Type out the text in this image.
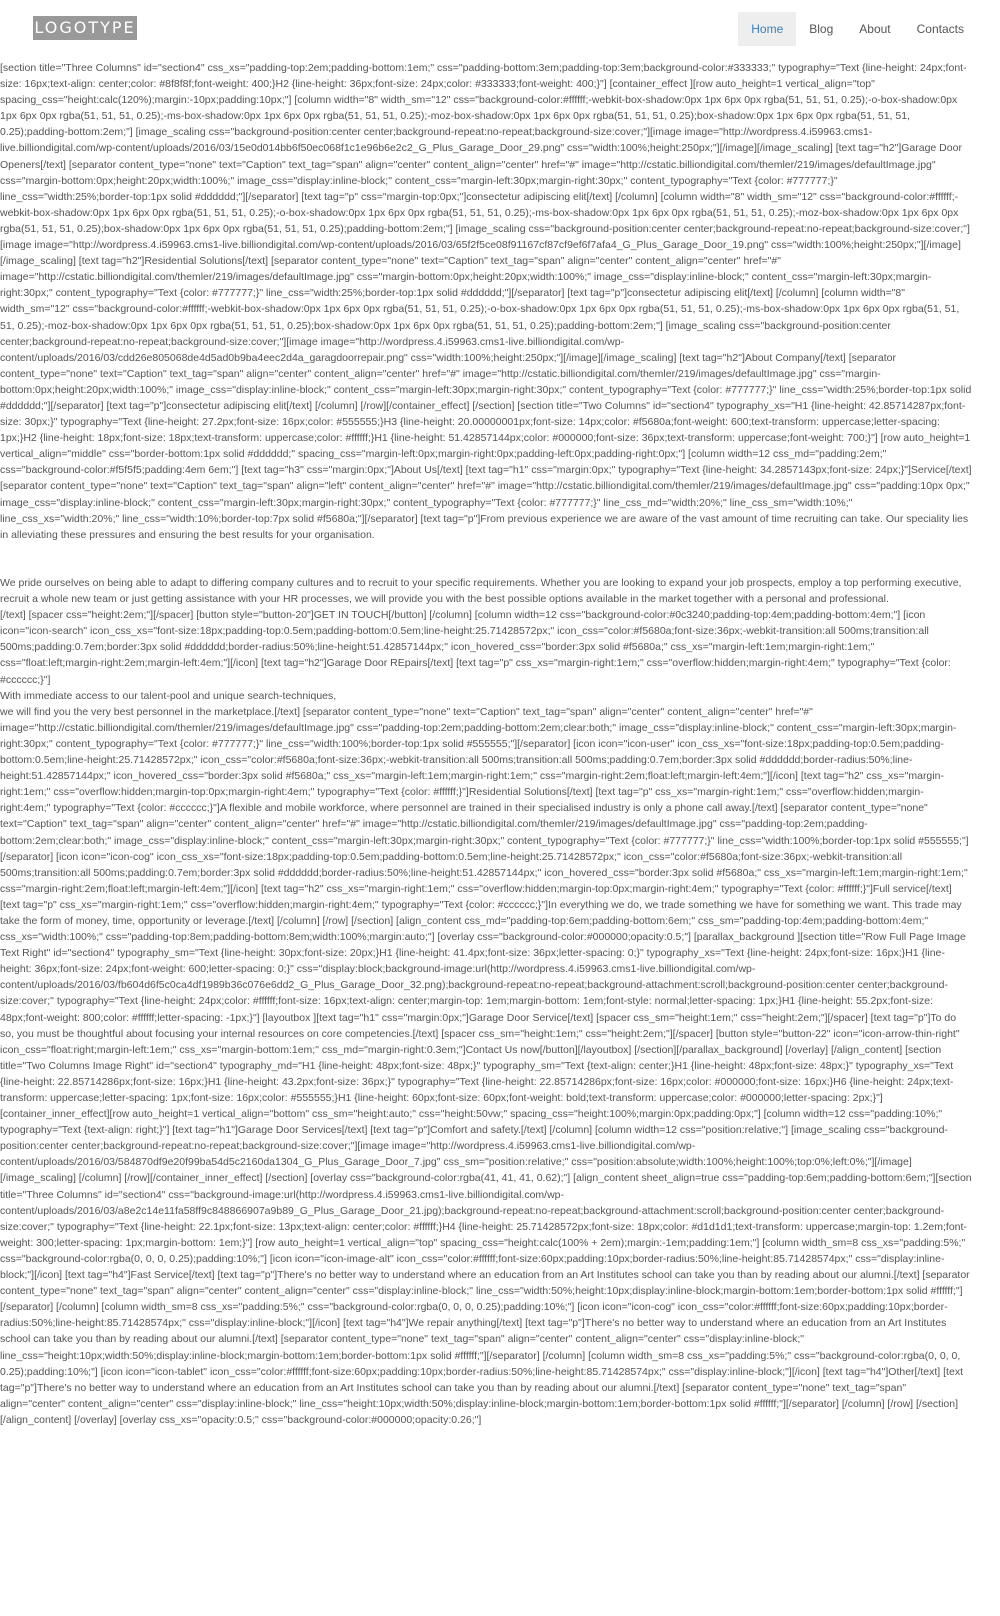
LOGOTYPE	Home	Blog	About	Contacts
[section title="Three Columns" id="section4" css_xs="padding-top:2em;padding-bottom:1em;" css="padding-bottom:3em;padding-top:3em;background-color:#333333;" typography="Text {line-height: 24px;font-size: 16px;text-align: center;color: #8f8f8f;font-weight: 400;}H2 {line-height: 36px;font-size: 24px;color: #333333;font-weight: 400;}"] [container_effect ][row auto_height=1 vertical_align="top" spacing_css="height:calc(120%);margin:-10px;padding:10px;"] [column width="8" width_sm="12" css="background-color:#ffffff;-webkit-box-shadow:0px 1px 6px 0px rgba(51, 51, 51, 0.25);-o-box-shadow:0px 1px 6px 0px rgba(51, 51, 51, 0.25);-ms-box-shadow:0px 1px 6px 0px rgba(51, 51, 51, 0.25);-moz-box-shadow:0px 1px 6px 0px rgba(51, 51, 51, 0.25);box-shadow:0px 1px 6px 0px rgba(51, 51, 51, 0.25);padding-bottom:2em;"] [image_scaling css="background-position:center center;background-repeat:no-repeat;background-size:cover;"][image image="http://wordpress.4.i59963.cms1-live.billiondigital.com/wp-content/uploads/2016/03/15e0d014bb6f50ec068f1c1e96b6e2c2_G_Plus_Garage_Door_29.png" css="width:100%;height:250px;"][/image][/image_scaling] [text tag="h2"]Garage Door Openers[/text] [separator content_type="none" text="Caption" text_tag="span" align="center" content_align="center" href="#" image="http://cstatic.billiondigital.com/themler/219/images/defaultImage.jpg" css="margin-bottom:0px;height:20px;width:100%;" image_css="display:inline-block;" content_css="margin-left:30px;margin-right:30px;" content_typography="Text {color: #777777;}" line_css="width:25%;border-top:1px solid #dddddd;"][/separator] [text tag="p" css="margin-top:0px;"]consectetur adipiscing elit[/text] [/column] [column width="8" width_sm="12" css="background-color:#ffffff;-webkit-box-shadow:0px 1px 6px 0px rgba(51, 51, 51, 0.25);-o-box-shadow:0px 1px 6px 0px rgba(51, 51, 51, 0.25);-ms-box-shadow:0px 1px 6px 0px rgba(51, 51, 51, 0.25);-moz-box-shadow:0px 1px 6px 0px rgba(51, 51, 51, 0.25);box-shadow:0px 1px 6px 0px rgba(51, 51, 51, 0.25);padding-bottom:2em;"] [image_scaling css="background-position:center center;background-repeat:no-repeat;background-size:cover;"][image image="http://wordpress.4.i59963.cms1-live.billiondigital.com/wp-content/uploads/2016/03/65f2f5ce08f91167cf87cf9ef6f7afa4_G_Plus_Garage_Door_19.png" css="width:100%;height:250px;"][/image][/image_scaling] [text tag="h2"]Residential Solutions[/text] [separator content_type="none" text="Caption" text_tag="span" align="center" content_align="center" href="#" image="http://cstatic.billiondigital.com/themler/219/images/defaultImage.jpg" css="margin-bottom:0px;height:20px;width:100%;" image_css="display:inline-block;" content_css="margin-left:30px;margin-right:30px;" content_typography="Text {color: #777777;}" line_css="width:25%;border-top:1px solid #dddddd;"][/separator] [text tag="p"]consectetur adipiscing elit[/text] [/column] [column width="8" width_sm="12" css="background-color:#ffffff;-webkit-box-shadow:0px 1px 6px 0px rgba(51, 51, 51, 0.25);-o-box-shadow:0px 1px 6px 0px rgba(51, 51, 51, 0.25);-ms-box-shadow:0px 1px 6px 0px rgba(51, 51, 51, 0.25);-moz-box-shadow:0px 1px 6px 0px rgba(51, 51, 51, 0.25);box-shadow:0px 1px 6px 0px rgba(51, 51, 51, 0.25);padding-bottom:2em;"] [image_scaling css="background-position:center center;background-repeat:no-repeat;background-size:cover;"][image image="http://wordpress.4.i59963.cms1-live.billiondigital.com/wp-content/uploads/2016/03/cdd26e805068de4d5ad0b9ba4eec2d4a_garagdoorrepair.png" css="width:100%;height:250px;"][/image][/image_scaling] [text tag="h2"]About Company[/text] [separator content_type="none" text="Caption" text_tag="span" align="center" content_align="center" href="#" image="http://cstatic.billiondigital.com/themler/219/images/defaultImage.jpg" css="margin-bottom:0px;height:20px;width:100%;" image_css="display:inline-block;" content_css="margin-left:30px;margin-right:30px;" content_typography="Text {color: #777777;}" line_css="width:25%;border-top:1px solid #dddddd;"][/separator] [text tag="p"]consectetur adipiscing elit[/text] [/column] [/row][/container_effect] [/section] [section title="Two Columns" id="section4" typography_xs="H1 {line-height: 42.85714287px;font-size: 30px;}" typography="Text {line-height: 27.2px;font-size: 16px;color: #555555;}H3 {line-height: 20.00000001px;font-size: 14px;color: #f5680a;font-weight: 600;text-transform: uppercase;letter-spacing: 1px;}H2 {line-height: 18px;font-size: 18px;text-transform: uppercase;color: #ffffff;}H1 {line-height: 51.42857144px;color: #000000;font-size: 36px;text-transform: uppercase;font-weight: 700;}"] [row auto_height=1 vertical_align="middle" css="border-bottom:1px solid #dddddd;" spacing_css="margin-left:0px;margin-right:0px;padding-left:0px;padding-right:0px;"] [column width=12 css_md="padding:2em;" css="background-color:#f5f5f5;padding:4em 6em;"] [text tag="h3" css="margin:0px;"]About Us[/text] [text tag="h1" css="margin:0px;" typography="Text {line-height: 34.2857143px;font-size: 24px;}"]Service[/text] [separator content_type="none" text="Caption" text_tag="span" align="left" content_align="center" href="#" image="http://cstatic.billiondigital.com/themler/219/images/defaultImage.jpg" css="padding:10px 0px;" image_css="display:inline-block;" content_css="margin-left:30px;margin-right:30px;" content_typography="Text {color: #777777;}" line_css_md="width:20%;" line_css_sm="width:10%;" line_css_xs="width:20%;" line_css="width:10%;border-top:7px solid #f5680a;"][/separator] [text tag="p"]From previous experience we are aware of the vast amount of time recruiting can take. Our speciality lies in alleviating these pressures and ensuring the best results for your organisation.

We pride ourselves on being able to adapt to differing company cultures and to recruit to your specific requirements. Whether you are looking to expand your job prospects, employ a top performing executive, recruit a whole new team or just getting assistance with your HR processes, we will provide you with the best possible options available in the market together with a personal and professional.
[/text] [spacer css="height:2em;"][/spacer] [button style="button-20"]GET IN TOUCH[/button] [/column] [column width=12 css="background-color:#0c3240;padding-top:4em;padding-bottom:4em;"] [icon icon="icon-search" icon_css_xs="font-size:18px;padding-top:0.5em;padding-bottom:0.5em;line-height:25.71428572px;" icon_css="color:#f5680a;font-size:36px;-webkit-transition:all 500ms;transition:all 500ms;padding:0.7em;border:3px solid #dddddd;border-radius:50%;line-height:51.42857144px;" icon_hovered_css="border:3px solid #f5680a;" css_xs="margin-left:1em;margin-right:1em;" css="float:left;margin-right:2em;margin-left:4em;"][/icon] [text tag="h2"]Garage Door REpairs[/text] [text tag="p" css_xs="margin-right:1em;" css="overflow:hidden;margin-right:4em;" typography="Text {color: #cccccc;}"]
With immediate access to our talent-pool and unique search-techniques,
we will find you the very best personnel in the marketplace.[/text] [separator content_type="none" text="Caption" text_tag="span" align="center" content_align="center" href="#" image="http://cstatic.billiondigital.com/themler/219/images/defaultImage.jpg" css="padding-top:2em;padding-bottom:2em;clear:both;" image_css="display:inline-block;" content_css="margin-left:30px;margin-right:30px;" content_typography="Text {color: #777777;}" line_css="width:100%;border-top:1px solid #555555;"][/separator] [icon icon="icon-user" icon_css_xs="font-size:18px;padding-top:0.5em;padding-bottom:0.5em;line-height:25.71428572px;" icon_css="color:#f5680a;font-size:36px;-webkit-transition:all 500ms;transition:all 500ms;padding:0.7em;border:3px solid #dddddd;border-radius:50%;line-height:51.42857144px;" icon_hovered_css="border:3px solid #f5680a;" css_xs="margin-left:1em;margin-right:1em;" css="margin-right:2em;float:left;margin-left:4em;"][/icon] [text tag="h2" css_xs="margin-right:1em;" css="overflow:hidden;margin-top:0px;margin-right:4em;" typography="Text {color: #ffffff;}"]Residential Solutions[/text] [text tag="p" css_xs="margin-right:1em;" css="overflow:hidden;margin-right:4em;" typography="Text {color: #cccccc;}"]A flexible and mobile workforce, where personnel are trained in their specialised industry is only a phone call away.[/text] [separator content_type="none" text="Caption" text_tag="span" align="center" content_align="center" href="#" image="http://cstatic.billiondigital.com/themler/219/images/defaultImage.jpg" css="padding-top:2em;padding-bottom:2em;clear:both;" image_css="display:inline-block;" content_css="margin-left:30px;margin-right:30px;" content_typography="Text {color: #777777;}" line_css="width:100%;border-top:1px solid #555555;"][/separator] [icon icon="icon-cog" icon_css_xs="font-size:18px;padding-top:0.5em;padding-bottom:0.5em;line-height:25.71428572px;" icon_css="color:#f5680a;font-size:36px;-webkit-transition:all 500ms;transition:all 500ms;padding:0.7em;border:3px solid #dddddd;border-radius:50%;line-height:51.42857144px;" icon_hovered_css="border:3px solid #f5680a;" css_xs="margin-left:1em;margin-right:1em;" css="margin-right:2em;float:left;margin-left:4em;"][/icon] [text tag="h2" css_xs="margin-right:1em;" css="overflow:hidden;margin-top:0px;margin-right:4em;" typography="Text {color: #ffffff;}"]Full service[/text] [text tag="p" css_xs="margin-right:1em;" css="overflow:hidden;margin-right:4em;" typography="Text {color: #cccccc;}"]In everything we do, we trade something we have for something we want. This trade may take the form of money, time, opportunity or leverage.[/text] [/column] [/row] [/section] [align_content css_md="padding-top:6em;padding-bottom:6em;" css_sm="padding-top:4em;padding-bottom:4em;" css_xs="width:100%;" css="padding-top:8em;padding-bottom:8em;width:100%;margin:auto;"] [overlay css="background-color:#000000;opacity:0.5;"] [parallax_background ][section title="Row Full Page Image Text Right" id="section4" typography_sm="Text {line-height: 30px;font-size: 20px;}H1 {line-height: 41.4px;font-size: 36px;letter-spacing: 0;}" typography_xs="Text {line-height: 24px;font-size: 16px;}H1 {line-height: 36px;font-size: 24px;font-weight: 600;letter-spacing: 0;}" css="display:block;background-image:url(http://wordpress.4.i59963.cms1-live.billiondigital.com/wp-content/uploads/2016/03/fb604d6f5c0ca4df1989b36c076e6dd2_G_Plus_Garage_Door_32.png);background-repeat:no-repeat;background-attachment:scroll;background-position:center center;background-size:cover;" typography="Text {line-height: 24px;color: #ffffff;font-size: 16px;text-align: center;margin-top: 1em;margin-bottom: 1em;font-style: normal;letter-spacing: 1px;}H1 {line-height: 55.2px;font-size: 48px;font-weight: 800;color: #ffffff;letter-spacing: -1px;}"] [layoutbox ][text tag="h1" css="margin:0px;"]Garage Door Service[/text] [spacer css_sm="height:1em;" css="height:2em;"][/spacer] [text tag="p"]To do so, you must be thoughtful about focusing your internal resources on core competencies.[/text] [spacer css_sm="height:1em;" css="height:2em;"][/spacer] [button style="button-22" icon="icon-arrow-thin-right" icon_css="float:right;margin-left:1em;" css_xs="margin-bottom:1em;" css_md="margin-right:0.3em;"]Contact Us now[/button][/layoutbox] [/section][/parallax_background] [/overlay] [/align_content] [section title="Two Columns Image Right" id="section4" typography_md="H1 {line-height: 48px;font-size: 48px;}" typography_sm="Text {text-align: center;}H1 {line-height: 48px;font-size: 48px;}" typography_xs="Text {line-height: 22.85714286px;font-size: 16px;}H1 {line-height: 43.2px;font-size: 36px;}" typography="Text {line-height: 22.85714286px;font-size: 16px;color: #000000;font-size: 16px;}H6 {line-height: 24px;text-transform: uppercase;letter-spacing: 1px;font-size: 16px;color: #555555;}H1 {line-height: 60px;font-size: 60px;font-weight: bold;text-transform: uppercase;color: #000000;letter-spacing: 2px;}"] [container_inner_effect][row auto_height=1 vertical_align="bottom" css_sm="height:auto;" css="height:50vw;" spacing_css="height:100%;margin:0px;padding:0px;"] [column width=12 css="padding:10%;" typography="Text {text-align: right;}"] [text tag="h1"]Garage Door Services[/text] [text tag="p"]Comfort and safety.[/text] [/column] [column width=12 css="position:relative;"] [image_scaling css="background-position:center center;background-repeat:no-repeat;background-size:cover;"][image image="http://wordpress.4.i59963.cms1-live.billiondigital.com/wp-content/uploads/2016/03/584870df9e20f99ba54d5c2160da1304_G_Plus_Garage_Door_7.jpg" css_sm="position:relative;" css="position:absolute;width:100%;height:100%;top:0%;left:0%;"][/image][/image_scaling] [/column] [/row][/container_inner_effect] [/section] [overlay css="background-color:rgba(41, 41, 41, 0.62);"] [align_content sheet_align=true css="padding-top:6em;padding-bottom:6em;"][section title="Three Columns" id="section4" css="background-image:url(http://wordpress.4.i59963.cms1-live.billiondigital.com/wp-content/uploads/2016/03/a8e2c14e11fa58ff9c848866907a9b89_G_Plus_Garage_Door_21.jpg);background-repeat:no-repeat;background-attachment:scroll;background-position:center center;background-size:cover;" typography="Text {line-height: 22.1px;font-size: 13px;text-align: center;color: #ffffff;}H4 {line-height: 25.71428572px;font-size: 18px;color: #d1d1d1;text-transform: uppercase;margin-top: 1.2em;font-weight: 300;letter-spacing: 1px;margin-bottom: 1em;}"] [row auto_height=1 vertical_align="top" spacing_css="height:calc(100% + 2em);margin:-1em;padding:1em;"] [column width_sm=8 css_xs="padding:5%;" css="background-color:rgba(0, 0, 0, 0.25);padding:10%;"] [icon icon="icon-image-alt" icon_css="color:#ffffff;font-size:60px;padding:10px;border-radius:50%;line-height:85.71428574px;" css="display:inline-block;"][/icon] [text tag="h4"]Fast Service[/text] [text tag="p"]There's no better way to understand where an education from an Art Institutes school can take you than by reading about our alumni.[/text] [separator content_type="none" text_tag="span" align="center" content_align="center" css="display:inline-block;" line_css="width:50%;height:10px;display:inline-block;margin-bottom:1em;border-bottom:1px solid #ffffff;"][/separator] [/column] [column width_sm=8 css_xs="padding:5%;" css="background-color:rgba(0, 0, 0, 0.25);padding:10%;"] [icon icon="icon-cog" icon_css="color:#ffffff;font-size:60px;padding:10px;border-radius:50%;line-height:85.71428574px;" css="display:inline-block;"][/icon] [text tag="h4"]We repair anything[/text] [text tag="p"]There's no better way to understand where an education from an Art Institutes school can take you than by reading about our alumni.[/text] [separator content_type="none" text_tag="span" align="center" content_align="center" css="display:inline-block;" line_css="height:10px;width:50%;display:inline-block;margin-bottom:1em;border-bottom:1px solid #ffffff;"][/separator] [/column] [column width_sm=8 css_xs="padding:5%;" css="background-color:rgba(0, 0, 0, 0.25);padding:10%;"] [icon icon="icon-tablet" icon_css="color:#ffffff;font-size:60px;padding:10px;border-radius:50%;line-height:85.71428574px;" css="display:inline-block;"][/icon] [text tag="h4"]Other[/text] [text tag="p"]There's no better way to understand where an education from an Art Institutes school can take you than by reading about our alumni.[/text] [separator content_type="none" text_tag="span" align="center" content_align="center" css="display:inline-block;" line_css="height:10px;width:50%;display:inline-block;margin-bottom:1em;border-bottom:1px solid #ffffff;"][/separator] [/column] [/row] [/section][/align_content] [/overlay] [overlay css_xs="opacity:0.5;" css="background-color:#000000;opacity:0.26;"]
